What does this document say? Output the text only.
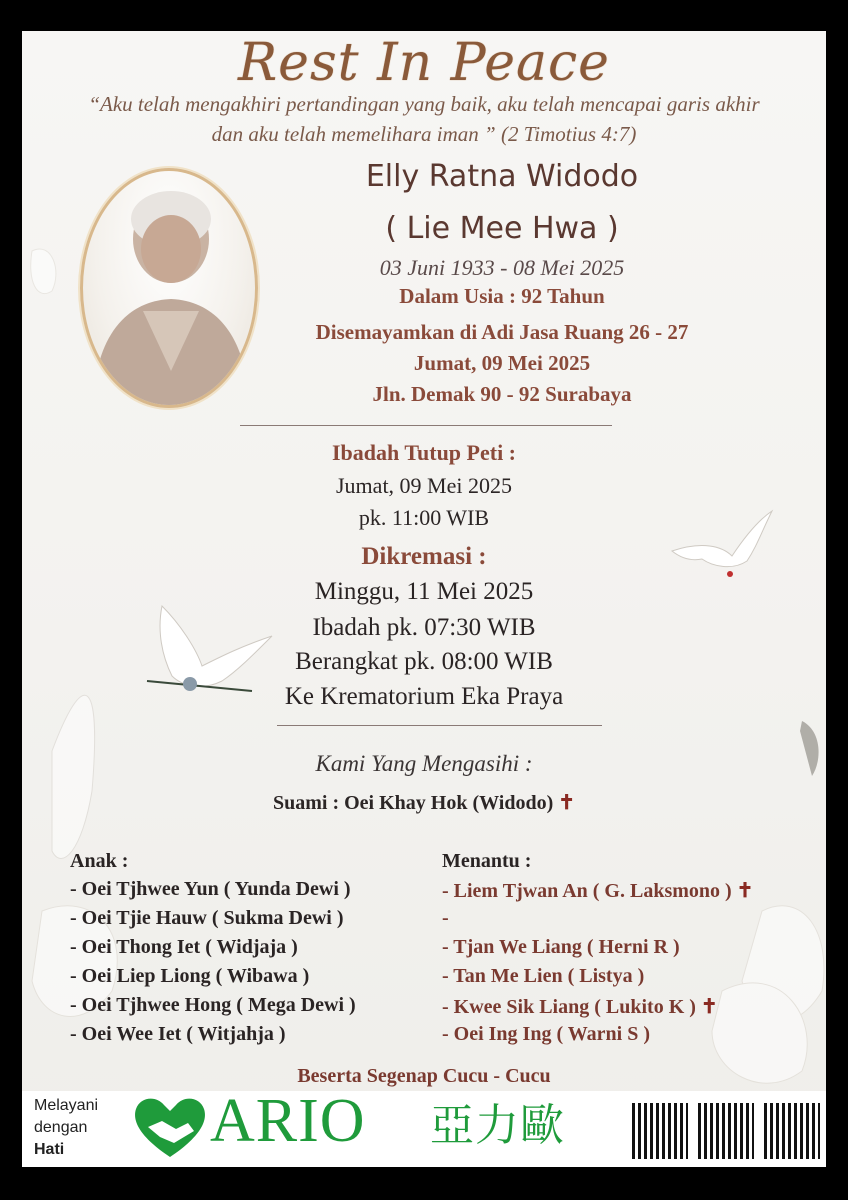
Rest In Peace
“Aku telah mengakhiri pertandingan yang baik, aku telah mencapai garis akhir
dan aku telah memelihara iman ” (2 Timotius 4:7)
Elly Ratna Widodo
( Lie Mee Hwa )
03 Juni 1933 - 08 Mei 2025
Dalam Usia : 92 Tahun
Disemayamkan di Adi Jasa Ruang 26 - 27
Jumat, 09 Mei 2025
Jln. Demak 90 - 92 Surabaya
Ibadah Tutup Peti :
Jumat, 09 Mei 2025
pk. 11:00 WIB
Dikremasi :
Minggu, 11 Mei 2025
Ibadah pk. 07:30 WIB
Berangkat pk. 08:00 WIB
Ke Krematorium Eka Praya
Kami Yang Mengasihi :
Suami : Oei Khay Hok (Widodo) ✝
Anak :
- Oei Tjhwee Yun ( Yunda Dewi )
- Oei Tjie Hauw ( Sukma Dewi )
- Oei Thong Iet ( Widjaja )
- Oei Liep Liong ( Wibawa )
- Oei Tjhwee Hong ( Mega Dewi )
- Oei Wee Iet ( Witjahja )
Menantu :
- Liem Tjwan An ( G. Laksmono ) ✝
-
- Tjan We Liang ( Herni R )
- Tan Me Lien ( Listya )
- Kwee Sik Liang ( Lukito K ) ✝
- Oei Ing Ing ( Warni S )
Beserta Segenap Cucu - Cucu
Melayani
dengan
Hati	ARIO 亞力歐
